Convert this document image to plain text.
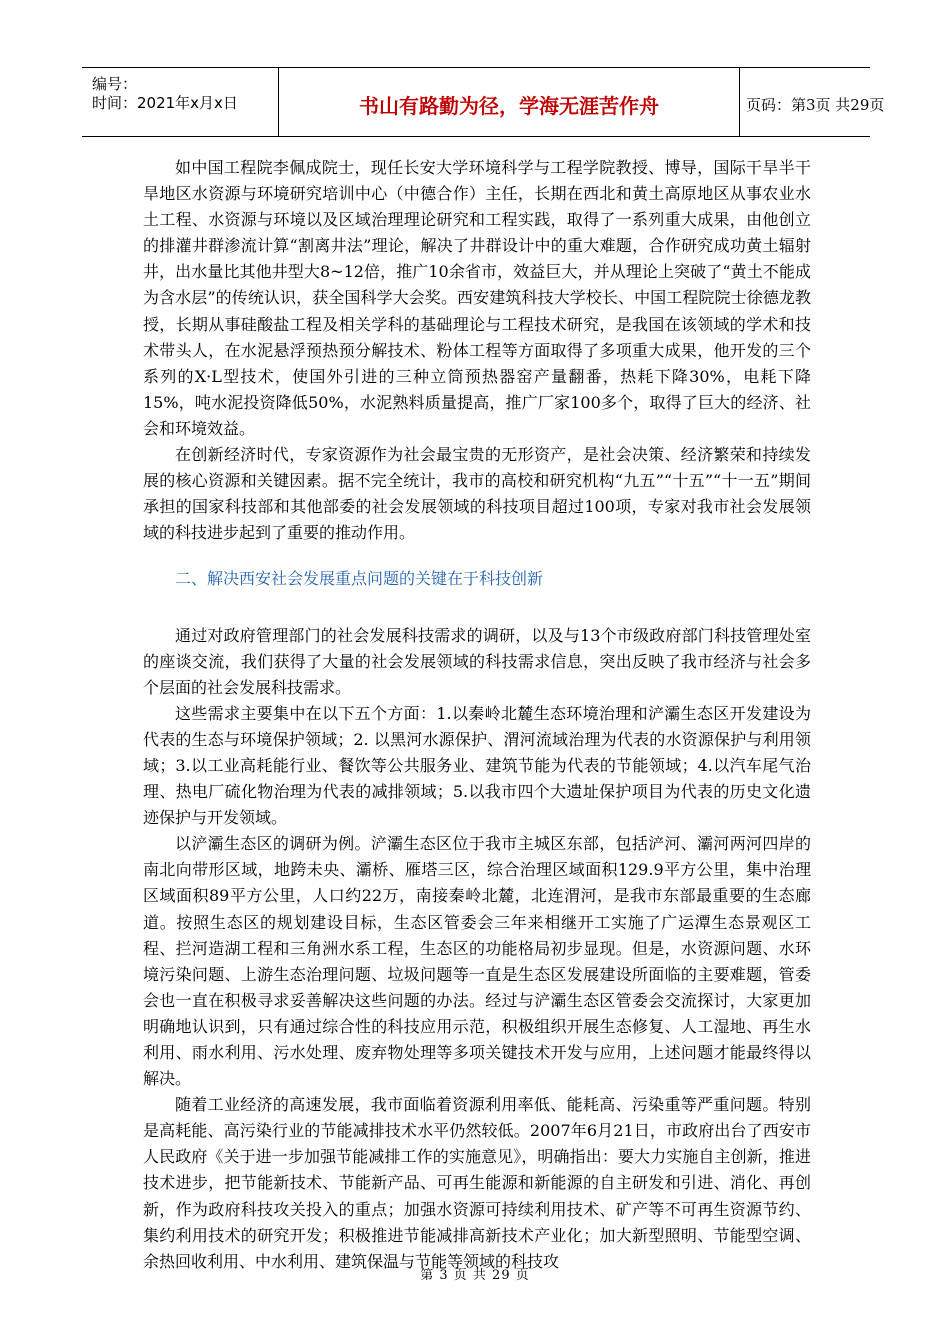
编号：
时间：2021年x月x日	书山有路勤为径，学海无涯苦作舟	页码：第3页 共29页

如中国工程院李佩成院士，现任长安大学环境科学与工程学院教授、博导，国际干旱半干旱地区水资源与环境研究培训中心（中德合作）主任，长期在西北和黄土高原地区从事农业水土工程、水资源与环境以及区域治理理论研究和工程实践，取得了一系列重大成果，由他创立的排灌井群渗流计算“割离井法”理论，解决了井群设计中的重大难题，合作研究成功黄土辐射井，出水量比其他井型大8~12倍，推广10余省市，效益巨大，并从理论上突破了“黄土不能成为含水层”的传统认识，获全国科学大会奖。西安建筑科技大学校长、中国工程院院士徐德龙教授，长期从事硅酸盐工程及相关学科的基础理论与工程技术研究，是我国在该领域的学术和技术带头人，在水泥悬浮预热预分解技术、粉体工程等方面取得了多项重大成果，他开发的三个系列的X·L型技术，使国外引进的三种立筒预热器窑产量翻番，热耗下降30%，电耗下降15%，吨水泥投资降低50%，水泥熟料质量提高，推广厂家100多个，取得了巨大的经济、社会和环境效益。

在创新经济时代，专家资源作为社会最宝贵的无形资产，是社会决策、经济繁荣和持续发展的核心资源和关键因素。据不完全统计，我市的高校和研究机构“九五”“十五”“十一五”期间承担的国家科技部和其他部委的社会发展领域的科技项目超过100项，专家对我市社会发展领域的科技进步起到了重要的推动作用。

二、解决西安社会发展重点问题的关键在于科技创新

通过对政府管理部门的社会发展科技需求的调研，以及与13个市级政府部门科技管理处室的座谈交流，我们获得了大量的社会发展领域的科技需求信息，突出反映了我市经济与社会多个层面的社会发展科技需求。

这些需求主要集中在以下五个方面：1.以秦岭北麓生态环境治理和浐灞生态区开发建设为代表的生态与环境保护领域；2. 以黑河水源保护、渭河流域治理为代表的水资源保护与利用领域；3.以工业高耗能行业、餐饮等公共服务业、建筑节能为代表的节能领域；4.以汽车尾气治理、热电厂硫化物治理为代表的减排领域；5.以我市四个大遗址保护项目为代表的历史文化遗迹保护与开发领域。

以浐灞生态区的调研为例。浐灞生态区位于我市主城区东部，包括浐河、灞河两河四岸的南北向带形区域，地跨未央、灞桥、雁塔三区，综合治理区域面积129.9平方公里，集中治理区域面积89平方公里，人口约22万，南接秦岭北麓，北连渭河，是我市东部最重要的生态廊道。按照生态区的规划建设目标，生态区管委会三年来相继开工实施了广运潭生态景观区工程、拦河造湖工程和三角洲水系工程，生态区的功能格局初步显现。但是，水资源问题、水环境污染问题、上游生态治理问题、垃圾问题等一直是生态区发展建设所面临的主要难题，管委会也一直在积极寻求妥善解决这些问题的办法。经过与浐灞生态区管委会交流探讨，大家更加明确地认识到，只有通过综合性的科技应用示范，积极组织开展生态修复、人工湿地、再生水利用、雨水利用、污水处理、废弃物处理等多项关键技术开发与应用，上述问题才能最终得以解决。

随着工业经济的高速发展，我市面临着资源利用率低、能耗高、污染重等严重问题。特别是高耗能、高污染行业的节能减排技术水平仍然较低。2007年6月21日，市政府出台了西安市人民政府《关于进一步加强节能减排工作的实施意见》，明确指出：要大力实施自主创新，推进技术进步，把节能新技术、节能新产品、可再生能源和新能源的自主研发和引进、消化、再创新，作为政府科技攻关投入的重点；加强水资源可持续利用技术、矿产等不可再生资源节约、集约利用技术的研究开发；积极推进节能减排高新技术产业化；加大新型照明、节能型空调、余热回收利用、中水利用、建筑保温与节能等领域的科技攻

第 3 页 共 29 页
